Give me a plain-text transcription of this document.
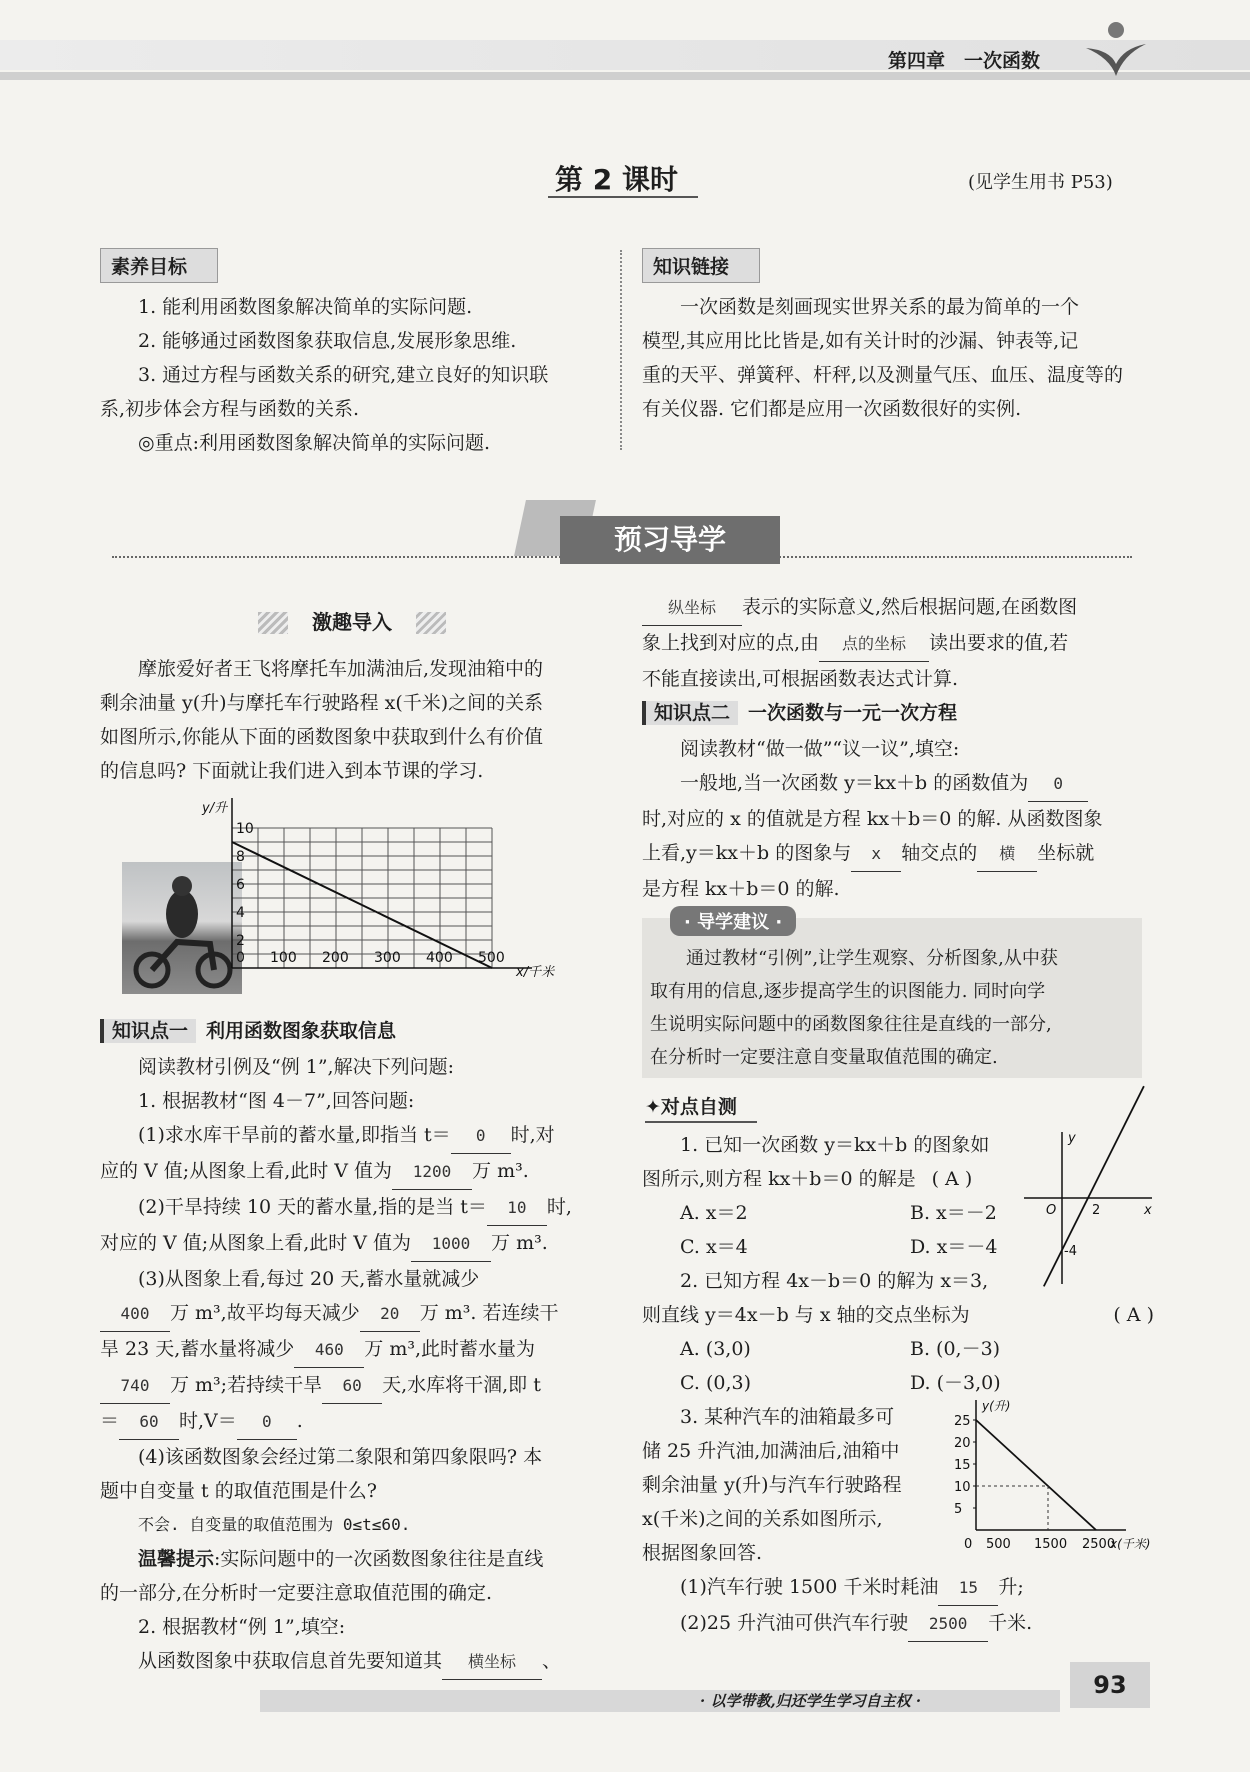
第四章　一次函数
第 2 课时	(见学生用书 P53)
素养目标
1. 能利用函数图象解决简单的实际问题.
2. 能够通过函数图象获取信息,发展形象思维.
3. 通过方程与函数关系的研究,建立良好的知识联
系,初步体会方程与函数的关系.
◎重点:利用函数图象解决简单的实际问题.
知识链接
一次函数是刻画现实世界关系的最为简单的一个
模型,其应用比比皆是,如有关计时的沙漏、钟表等,记
重的天平、弹簧秤、杆秤,以及测量气压、血压、温度等的
有关仪器. 它们都是应用一次函数很好的实例.
预习导学
激趣导入
摩旅爱好者王飞将摩托车加满油后,发现油箱中的
剩余油量 y(升)与摩托车行驶路程 x(千米)之间的关系
如图所示,你能从下面的函数图象中获取到什么有价值
的信息吗? 下面就让我们进入到本节课的学习.
0 100 200 300 400 500
2
4
6
8
10
x/千米
y/升
知识点一 利用函数图象获取信息
阅读教材引例及“例 1”,解决下列问题:
1. 根据教材“图 4－7”,回答问题:
(1)求水库干旱前的蓄水量,即指当 t＝ 0 时,对
应的 V 值;从图象上看,此时 V 值为 1200 万 m³.
(2)干旱持续 10 天的蓄水量,指的是当 t＝ 10 时,
对应的 V 值;从图象上看,此时 V 值为 1000 万 m³.
(3)从图象上看,每过 20 天,蓄水量就减少
400 万 m³,故平均每天减少 20 万 m³. 若连续干
旱 23 天,蓄水量将减少 460 万 m³,此时蓄水量为
740 万 m³;若持续干旱 60 天,水库将干涸,即 t
＝ 60 时,V＝ 0 .
(4)该函数图象会经过第二象限和第四象限吗? 本
题中自变量 t 的取值范围是什么?
不会. 自变量的取值范围为 0≤t≤60.
温馨提示:实际问题中的一次函数图象往往是直线
的一部分,在分析时一定要注意取值范围的确定.
2. 根据教材“例 1”,填空:
从函数图象中获取信息首先要知道其 横坐标 、
纵坐标 表示的实际意义,然后根据问题,在函数图
象上找到对应的点,由 点的坐标 读出要求的值,若
不能直接读出,可根据函数表达式计算.
知识点二 一次函数与一元一次方程
阅读教材“做一做”“议一议”,填空:
一般地,当一次函数 y＝kx＋b 的函数值为 0
时,对应的 x 的值就是方程 kx＋b＝0 的解. 从函数图象
上看,y＝kx＋b 的图象与 x 轴交点的 横 坐标就
是方程 kx＋b＝0 的解.
· 导学建议 ·
通过教材“引例”,让学生观察、分析图象,从中获
取有用的信息,逐步提高学生的识图能力. 同时向学
生说明实际问题中的函数图象往往是直线的一部分,
在分析时一定要注意自变量取值范围的确定.
✦对点自测
1. 已知一次函数 y＝kx＋b 的图象如
图所示,则方程 kx＋b＝0 的解是 ( A )
A. x＝2	B. x＝－2
C. x＝4	D. x＝－4
x
y
O	2
-4
2. 已知方程 4x－b＝0 的解为 x＝3,
则直线 y＝4x－b 与 x 轴的交点坐标为	( A )
A. (3,0)	B. (0,－3)
C. (0,3)	D. (－3,0)
3. 某种汽车的油箱最多可
储 25 升汽油,加满油后,油箱中
剩余油量 y(升)与汽车行驶路程
x(千米)之间的关系如图所示,
根据图象回答.
5
10
15
20
25
0 500 1500 2500
x(千米)
y(升)
(1)汽车行驶 1500 千米时耗油 15 升;
(2)25 升汽油可供汽车行驶 2500 千米.
· 以学带教,归还学生学习自主权 ·
93
